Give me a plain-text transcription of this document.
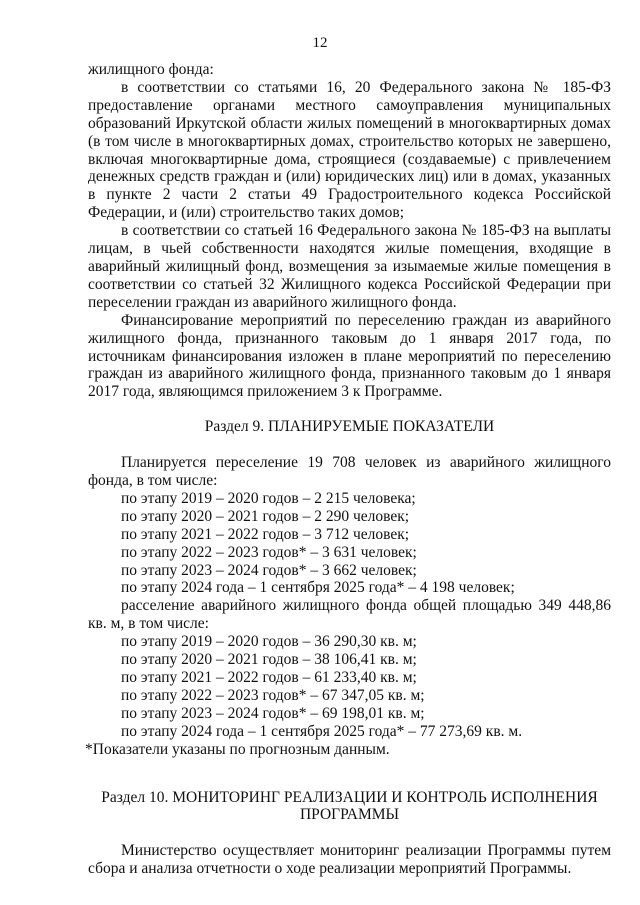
12

жилищного фонда:

в соответствии со статьями 16, 20 Федерального закона № 185-ФЗ предоставление органами местного самоуправления муниципальных образований Иркутской области жилых помещений в многоквартирных домах (в том числе в многоквартирных домах, строительство которых не завершено, включая многоквартирные дома, строящиеся (создаваемые) с привлечением денежных средств граждан и (или) юридических лиц) или в домах, указанных в пункте 2 части 2 статьи 49 Градостроительного кодекса Российской Федерации, и (или) строительство таких домов;

в соответствии со статьей 16 Федерального закона № 185-ФЗ на выплаты лицам, в чьей собственности находятся жилые помещения, входящие в аварийный жилищный фонд, возмещения за изымаемые жилые помещения в соответствии со статьей 32 Жилищного кодекса Российской Федерации при переселении граждан из аварийного жилищного фонда.

Финансирование мероприятий по переселению граждан из аварийного жилищного фонда, признанного таковым до 1 января 2017 года, по источникам финансирования изложен в плане мероприятий по переселению граждан из аварийного жилищного фонда, признанного таковым до 1 января 2017 года, являющимся приложением 3 к Программе.

Раздел 9. ПЛАНИРУЕМЫЕ ПОКАЗАТЕЛИ

Планируется переселение 19 708 человек из аварийного жилищного фонда, в том числе:

по этапу 2019 – 2020 годов – 2 215 человека;

по этапу 2020 – 2021 годов – 2 290 человек;

по этапу 2021 – 2022 годов – 3 712 человек;

по этапу 2022 – 2023 годов* – 3 631 человек;

по этапу 2023 – 2024 годов* – 3 662 человек;

по этапу 2024 года – 1 сентября 2025 года* – 4 198 человек;

расселение аварийного жилищного фонда общей площадью 349 448,86 кв. м, в том числе:

по этапу 2019 – 2020 годов – 36 290,30 кв. м;

по этапу 2020 – 2021 годов – 38 106,41 кв. м;

по этапу 2021 – 2022 годов – 61 233,40 кв. м;

по этапу 2022 – 2023 годов* – 67 347,05 кв. м;

по этапу 2023 – 2024 годов* – 69 198,01 кв. м;

по этапу 2024 года – 1 сентября 2025 года* – 77 273,69 кв. м.

*Показатели указаны по прогнозным данным.

Раздел 10. МОНИТОРИНГ РЕАЛИЗАЦИИ И КОНТРОЛЬ ИСПОЛНЕНИЯ
ПРОГРАММЫ

Министерство осуществляет мониторинг реализации Программы путем сбора и анализа отчетности о ходе реализации мероприятий Программы.
